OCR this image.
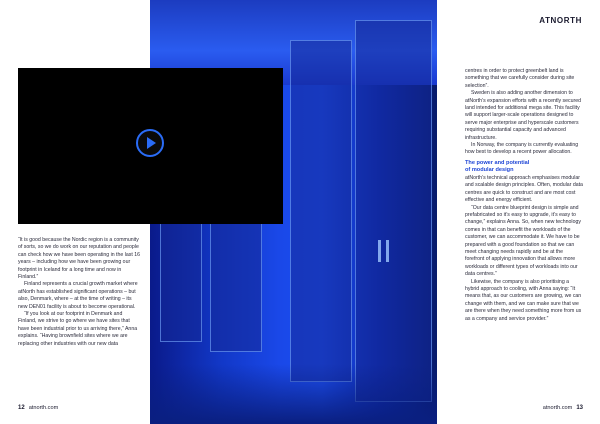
ATNORTH

“It is good because the Nordic region is a community of sorts, so we do work on our reputation and people can check how we have been operating in the last 16 years – including how we have been growing our footprint in Iceland for a long time and now in Finland.”

Finland represents a crucial growth market where atNorth has established significant operations – but also, Denmark, where – at the time of writing – its new DEN01 facility is about to become operational.

“If you look at our footprint in Denmark and Finland, we strive to go where we have sites that have been industrial prior to us arriving there,” Anna explains. “Having brownfield sites where we are replacing other industries with our new data

centres in order to protect greenbelt land is something that we carefully consider during site selection”.

Sweden is also adding another dimension to atNorth’s expansion efforts with a recently secured land intended for additional mega site. This facility will support larger-scale operations designed to serve major enterprise and hyperscale customers requiring substantial capacity and advanced infrastructure.

In Norway, the company is currently evaluating how best to develop a recent power allocation.

The power and potential
of modular design

atNorth’s technical approach emphasises modular and scalable design principles. Often, modular data centres are quick to construct and are most cost effective and energy efficient.

“Our data centre blueprint design is simple and prefabricated so it’s easy to upgrade, it’s easy to change,” explains Anna. So, when new technology comes in that can benefit the workloads of the customer, we can accommodate it. We have to be prepared with a good foundation so that we can meet changing needs rapidly and be at the forefront of applying innovation that allows more workloads or different types of workloads into our data centres.”

Likewise, the company is also prioritising a hybrid approach to cooling, with Anna saying: “It means that, as our customers are growing, we can change with them, and we can make sure that we are there when they need something more from us as a company and service provider.”

12 atnorth.com	atnorth.com 13
